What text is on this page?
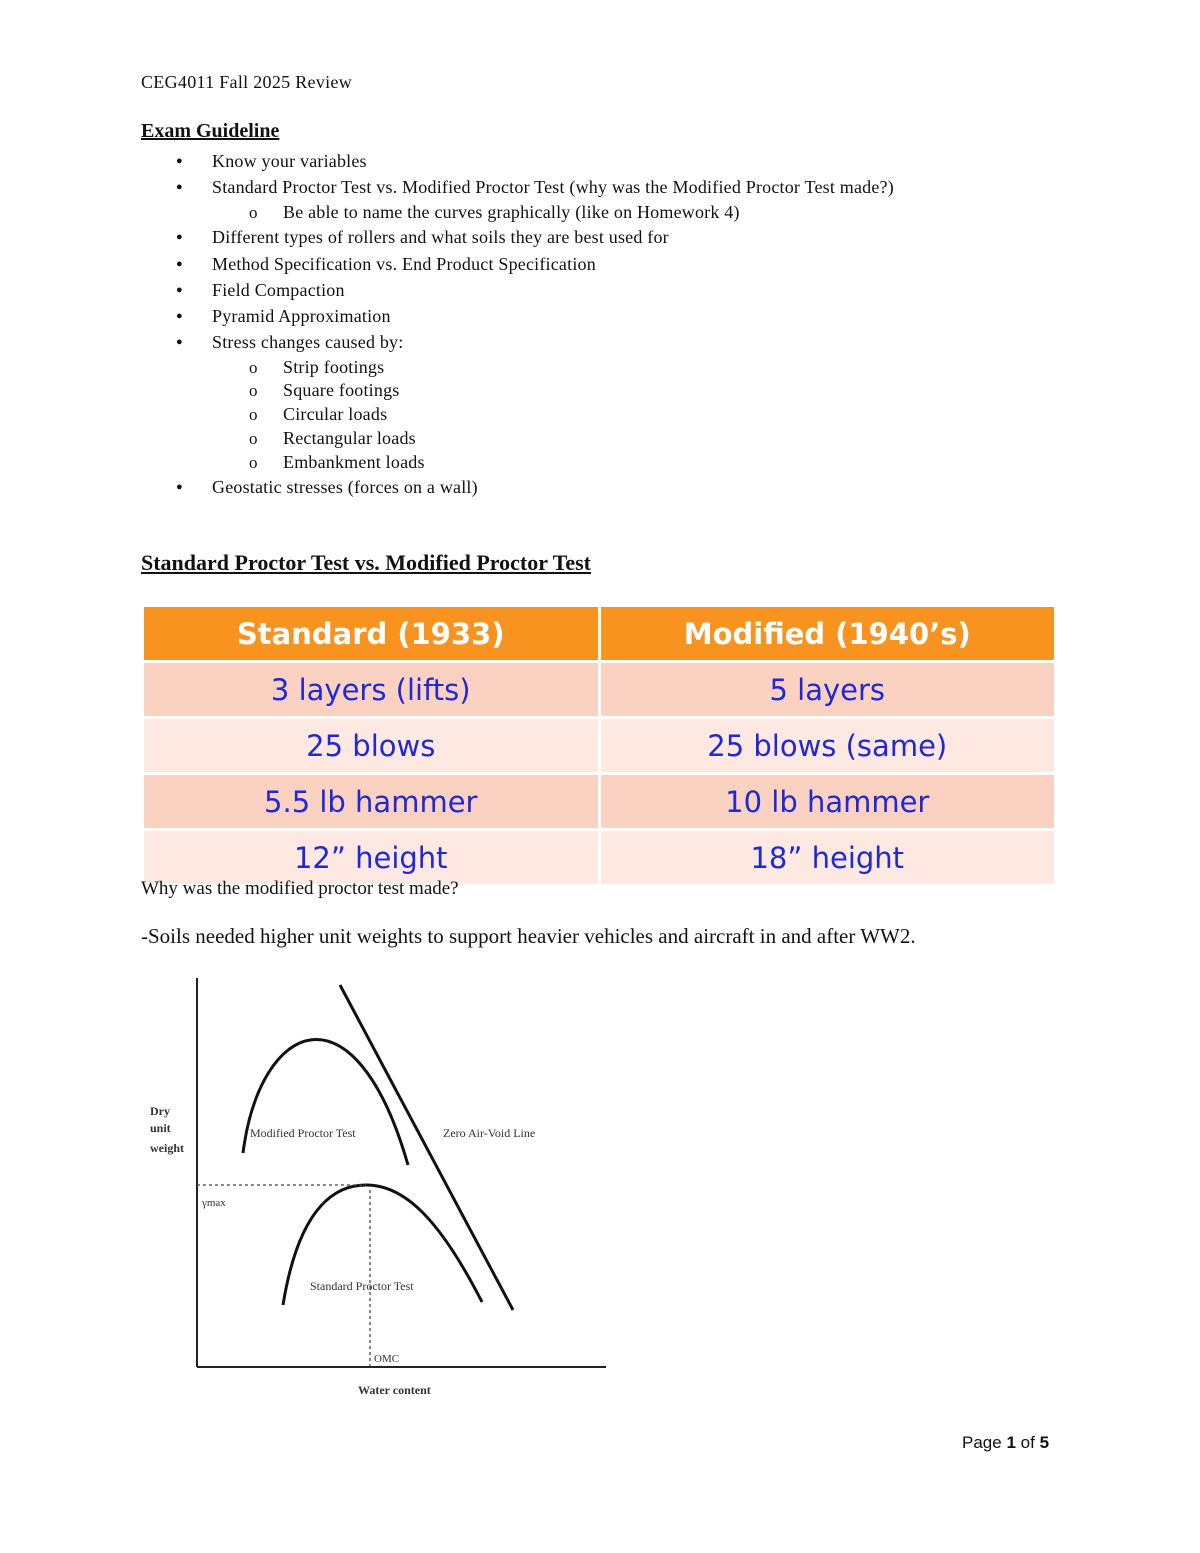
CEG4011 Fall 2025 Review
Exam Guideline
● Know your variables
● Standard Proctor Test vs. Modified Proctor Test (why was the Modified Proctor Test made?)
o Be able to name the curves graphically (like on Homework 4)
● Different types of rollers and what soils they are best used for
● Method Specification vs. End Product Specification
● Field Compaction
● Pyramid Approximation
● Stress changes caused by:
o Strip footings
o Square footings
o Circular loads
o Rectangular loads
o Embankment loads
● Geostatic stresses (forces on a wall)
Standard Proctor Test vs. Modified Proctor Test
Standard (1933)	Modified (1940’s)
3 layers (lifts)	5 layers
25 blows	25 blows (same)
5.5 lb hammer	10 lb hammer
12” height	18” height
Why was the modified proctor test made?
-Soils needed higher unit weights to support heavier vehicles and aircraft in and after WW2.
Dry
unit
weight
Modified Proctor Test	Zero Air-Void Line
Standard Proctor Test
γmax
OMC
Water content
Page 1 of 5
